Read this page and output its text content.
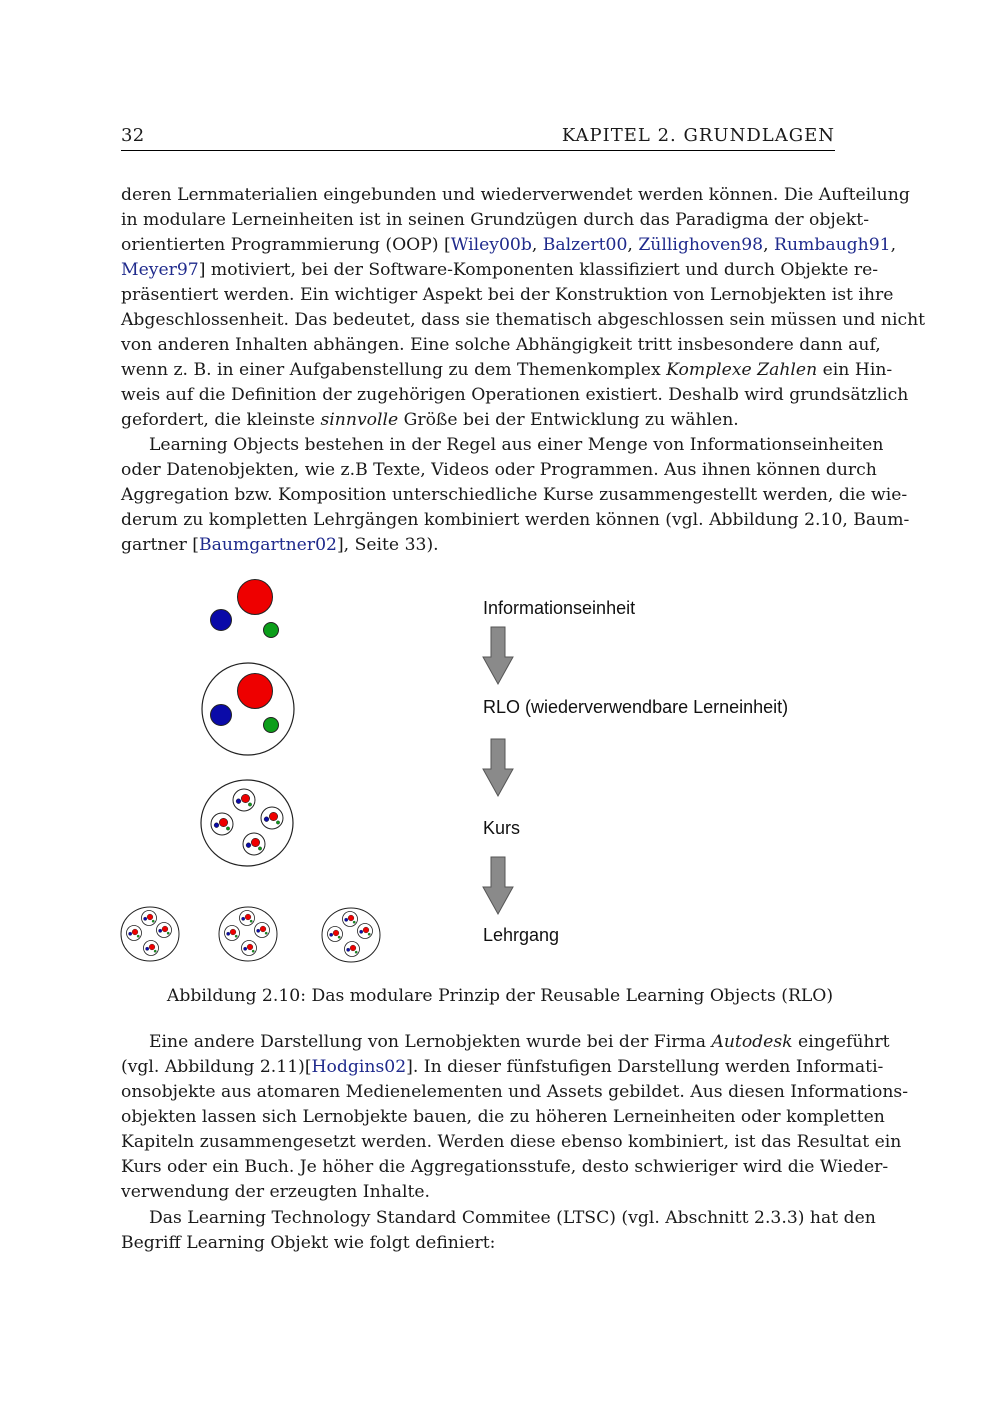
32	KAPITEL 2. GRUNDLAGEN
deren Lernmaterialien eingebunden und wiederverwendet werden können. Die Aufteilung
in modulare Lerneinheiten ist in seinen Grundzügen durch das Paradigma der objekt-
orientierten Programmierung (OOP) [Wiley00b, Balzert00, Züllighoven98, Rumbaugh91,
Meyer97] motiviert, bei der Software-Komponenten klassifiziert und durch Objekte re-
präsentiert werden. Ein wichtiger Aspekt bei der Konstruktion von Lernobjekten ist ihre
Abgeschlossenheit. Das bedeutet, dass sie thematisch abgeschlossen sein müssen und nicht
von anderen Inhalten abhängen. Eine solche Abhängigkeit tritt insbesondere dann auf,
wenn z. B. in einer Aufgabenstellung zu dem Themenkomplex Komplexe Zahlen ein Hin-
weis auf die Definition der zugehörigen Operationen existiert. Deshalb wird grundsätzlich
gefordert, die kleinste sinnvolle Größe bei der Entwicklung zu wählen.
Learning Objects bestehen in der Regel aus einer Menge von Informationseinheiten
oder Datenobjekten, wie z.B Texte, Videos oder Programmen. Aus ihnen können durch
Aggregation bzw. Komposition unterschiedliche Kurse zusammengestellt werden, die wie-
derum zu kompletten Lehrgängen kombiniert werden können (vgl. Abbildung 2.10, Baum-
gartner [Baumgartner02], Seite 33).
Informationseinheit
RLO (wiederverwendbare Lerneinheit)
Kurs
Lehrgang

Abbildung 2.10: Das modulare Prinzip der Reusable Learning Objects (RLO)

Eine andere Darstellung von Lernobjekten wurde bei der Firma Autodesk eingeführt
(vgl. Abbildung 2.11)[Hodgins02]. In dieser fünfstufigen Darstellung werden Informati-
onsobjekte aus atomaren Medienelementen und Assets gebildet. Aus diesen Informations-
objekten lassen sich Lernobjekte bauen, die zu höheren Lerneinheiten oder kompletten
Kapiteln zusammengesetzt werden. Werden diese ebenso kombiniert, ist das Resultat ein
Kurs oder ein Buch. Je höher die Aggregationsstufe, desto schwieriger wird die Wieder-
verwendung der erzeugten Inhalte.
Das Learning Technology Standard Commitee (LTSC) (vgl. Abschnitt 2.3.3) hat den
Begriff Learning Objekt wie folgt definiert:
